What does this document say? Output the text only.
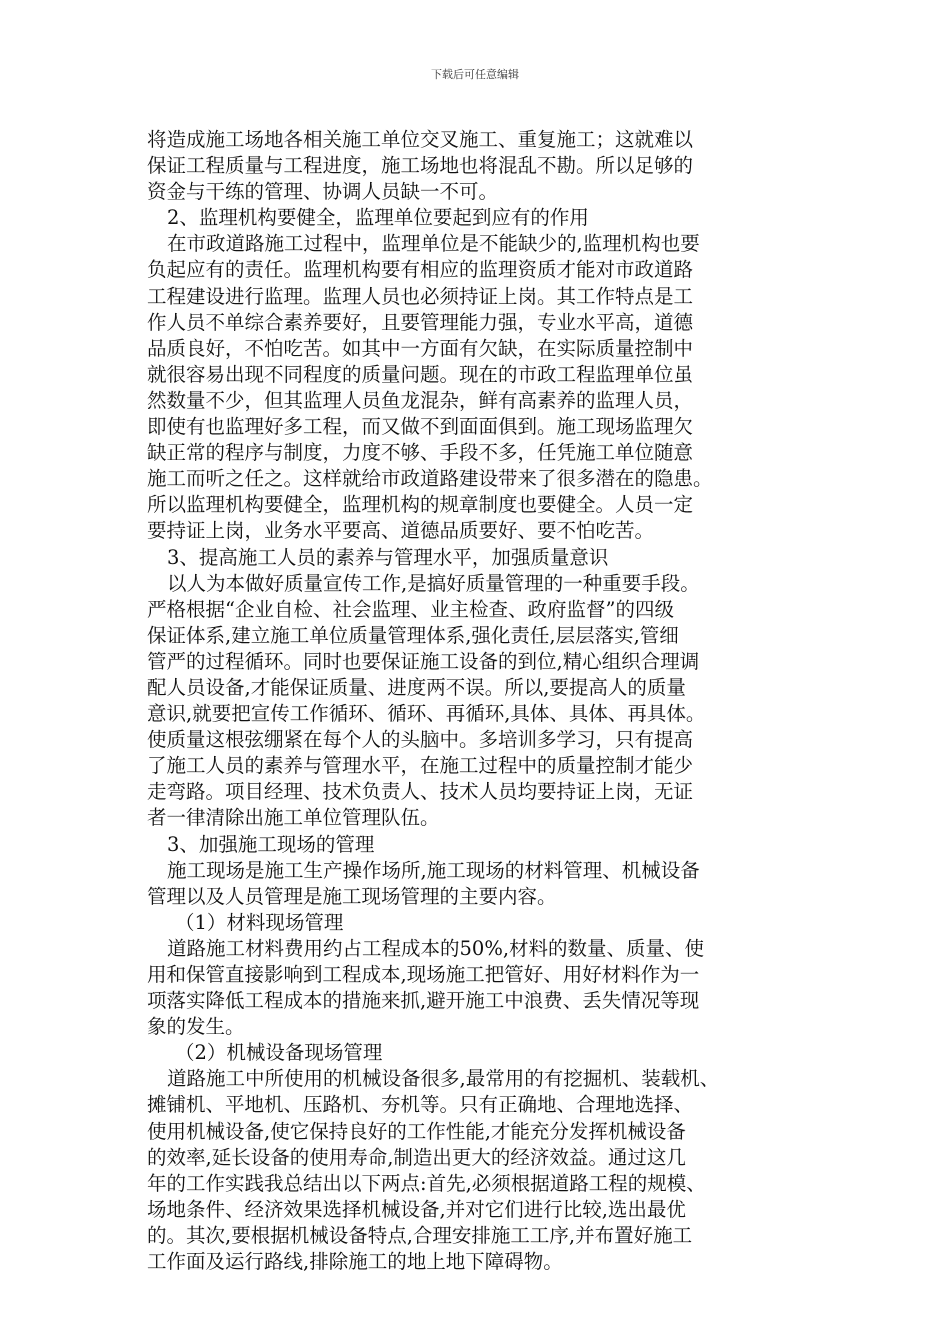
下载后可任意编辑
将造成施工场地各相关施工单位交叉施工、重复施工；这就难以
保证工程质量与工程进度，施工场地也将混乱不勘。所以足够的
资金与干练的管理、协调人员缺一不可。
2、监理机构要健全，监理单位要起到应有的作用
在市政道路施工过程中，监理单位是不能缺少的,监理机构也要
负起应有的责任。监理机构要有相应的监理资质才能对市政道路
工程建设进行监理。监理人员也必须持证上岗。其工作特点是工
作人员不单综合素养要好，且要管理能力强，专业水平高，道德
品质良好，不怕吃苦。如其中一方面有欠缺，在实际质量控制中
就很容易出现不同程度的质量问题。现在的市政工程监理单位虽
然数量不少，但其监理人员鱼龙混杂，鲜有高素养的监理人员，
即使有也监理好多工程，而又做不到面面俱到。施工现场监理欠
缺正常的程序与制度，力度不够、手段不多，任凭施工单位随意
施工而听之任之。这样就给市政道路建设带来了很多潜在的隐患。
所以监理机构要健全，监理机构的规章制度也要健全。人员一定
要持证上岗，业务水平要高、道德品质要好、要不怕吃苦。
3、提高施工人员的素养与管理水平，加强质量意识
以人为本做好质量宣传工作,是搞好质量管理的一种重要手段。
严格根据“企业自检、社会监理、业主检查、政府监督”的四级
保证体系,建立施工单位质量管理体系,强化责任,层层落实,管细
管严的过程循环。同时也要保证施工设备的到位,精心组织合理调
配人员设备,才能保证质量、进度两不误。所以,要提高人的质量
意识,就要把宣传工作循环、循环、再循环,具体、具体、再具体。
使质量这根弦绷紧在每个人的头脑中。多培训多学习，只有提高
了施工人员的素养与管理水平，在施工过程中的质量控制才能少
走弯路。项目经理、技术负责人、技术人员均要持证上岗，无证
者一律清除出施工单位管理队伍。
3、加强施工现场的管理
施工现场是施工生产操作场所,施工现场的材料管理、机械设备
管理以及人员管理是施工现场管理的主要内容。
（1）材料现场管理
道路施工材料费用约占工程成本的50%,材料的数量、质量、使
用和保管直接影响到工程成本,现场施工把管好、用好材料作为一
项落实降低工程成本的措施来抓,避开施工中浪费、丢失情况等现
象的发生。
（2）机械设备现场管理
道路施工中所使用的机械设备很多,最常用的有挖掘机、装载机、
摊铺机、平地机、压路机、夯机等。只有正确地、合理地选择、
使用机械设备,使它保持良好的工作性能,才能充分发挥机械设备
的效率,延长设备的使用寿命,制造出更大的经济效益。通过这几
年的工作实践我总结出以下两点:首先,必须根据道路工程的规模、
场地条件、经济效果选择机械设备,并对它们进行比较,选出最优
的。其次,要根据机械设备特点,合理安排施工工序,并布置好施工
工作面及运行路线,排除施工的地上地下障碍物。
